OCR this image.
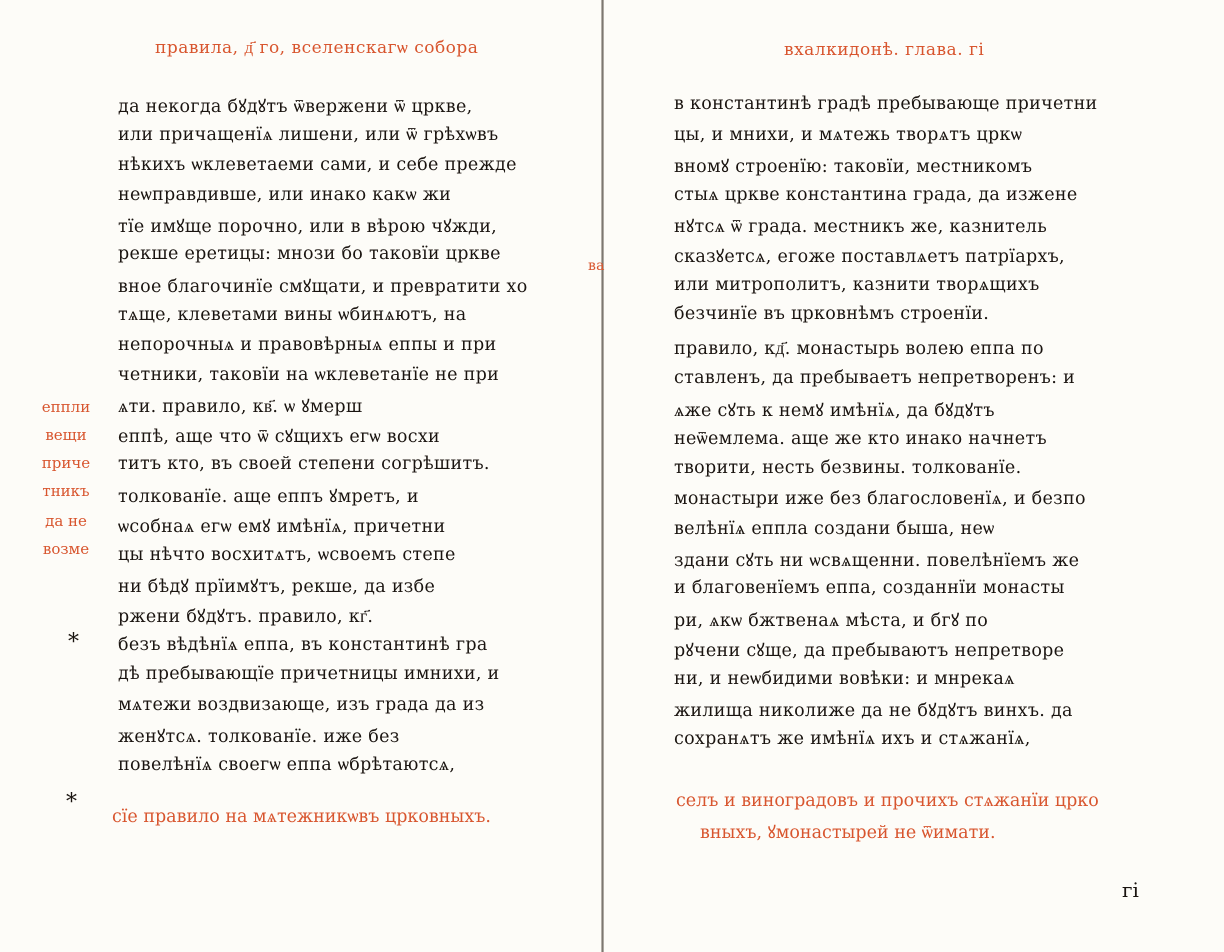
правила, д҃ го, вселенскагѡ собора
да некогда бꙋдꙋтъ ѿвержени ѿ цркве,
или причащенїѧ лишени, или ѿ грѣхѡвъ
нѣкихъ ѡклеветаеми сами, и себе прежде
неѡправдивше, или инако какѡ жи
тїе имꙋще порочно, или в вѣрою чꙋжди,
рекше еретицы: мнози бо таковїи цркве
вное благочинїе смꙋщати, и превратити хо
тѧще, клеветами вины ѡбинѧютъ, на
непорочныѧ и правовѣрныѧ еппы и при
четники, таковїи на ѡклеветанїе не при
ѧти. правило, кв҃. ѡ ꙋмерш
еппѣ, аще что ѿ сꙋщихъ егѡ восхи
титъ кто, въ своей степени согрѣшитъ.
толкованїе. аще еппъ ꙋмретъ, и
ѡсобнаѧ егѡ емꙋ имѣнїѧ, причетни
цы нѣчто восхитѧтъ, ѡсвоемъ степе
ни бѣдꙋ прїимꙋтъ, рекше, да избе
ржени бꙋдꙋтъ. правило, кг҃.
безъ вѣдѣнїѧ еппа, въ константинѣ гра
дѣ пребывающїе причетницы имнихи, и
мѧтежи воздвизающе, изъ града да из
женꙋтсѧ. толкованїе. иже без
повелѣнїѧ своегѡ еппа ѡбрѣтаютсѧ,
еппли
вещи
приче
тникъ
да не
возме
*
*
сїе правило на мѧтежникѡвъ црковныхъ.
ва
вхалкидонѣ. глава. гі
в константинѣ градѣ пребывающе причетни
цы, и мнихи, и мѧтежь творѧтъ цркѡ
вномꙋ строенїю: таковїи, местникомъ
стыѧ цркве константина града, да изжене
нꙋтсѧ ѿ града. местникъ же, казнитель
сказꙋетсѧ, егоже поставлѧетъ патрїархъ,
или митрополитъ, казнити творѧщихъ
безчинїе въ црковнѣмъ строенїи.
правило, кд҃. монастырь волею еппа по
ставленъ, да пребываетъ непретворенъ: и
ѧже сꙋть к немꙋ имѣнїѧ, да бꙋдꙋтъ
неѿемлема. аще же кто инако начнетъ
творити, несть безвины. толкованїе.
монастыри иже без благословенїѧ, и безпо
велѣнїѧ еппла создани быша, неѡ
здани сꙋть ни ѡсвѧщенни. повелѣнїемъ же
и благовенїемъ еппа, созданнїи монасты
ри, ѧкѡ бжтвенаѧ мѣста, и бгꙋ по
рꙋчени сꙋще, да пребываютъ непретворе
ни, и неѡбидими вовѣки: и мнрекаѧ
жилища николиже да не бꙋдꙋтъ винхъ. да
сохранѧтъ же имѣнїѧ ихъ и стѧжанїѧ,
селъ и виноградовъ и прочихъ стѧжанїи црко
вныхъ, ꙋмонастырей не ѿимати.
гі
